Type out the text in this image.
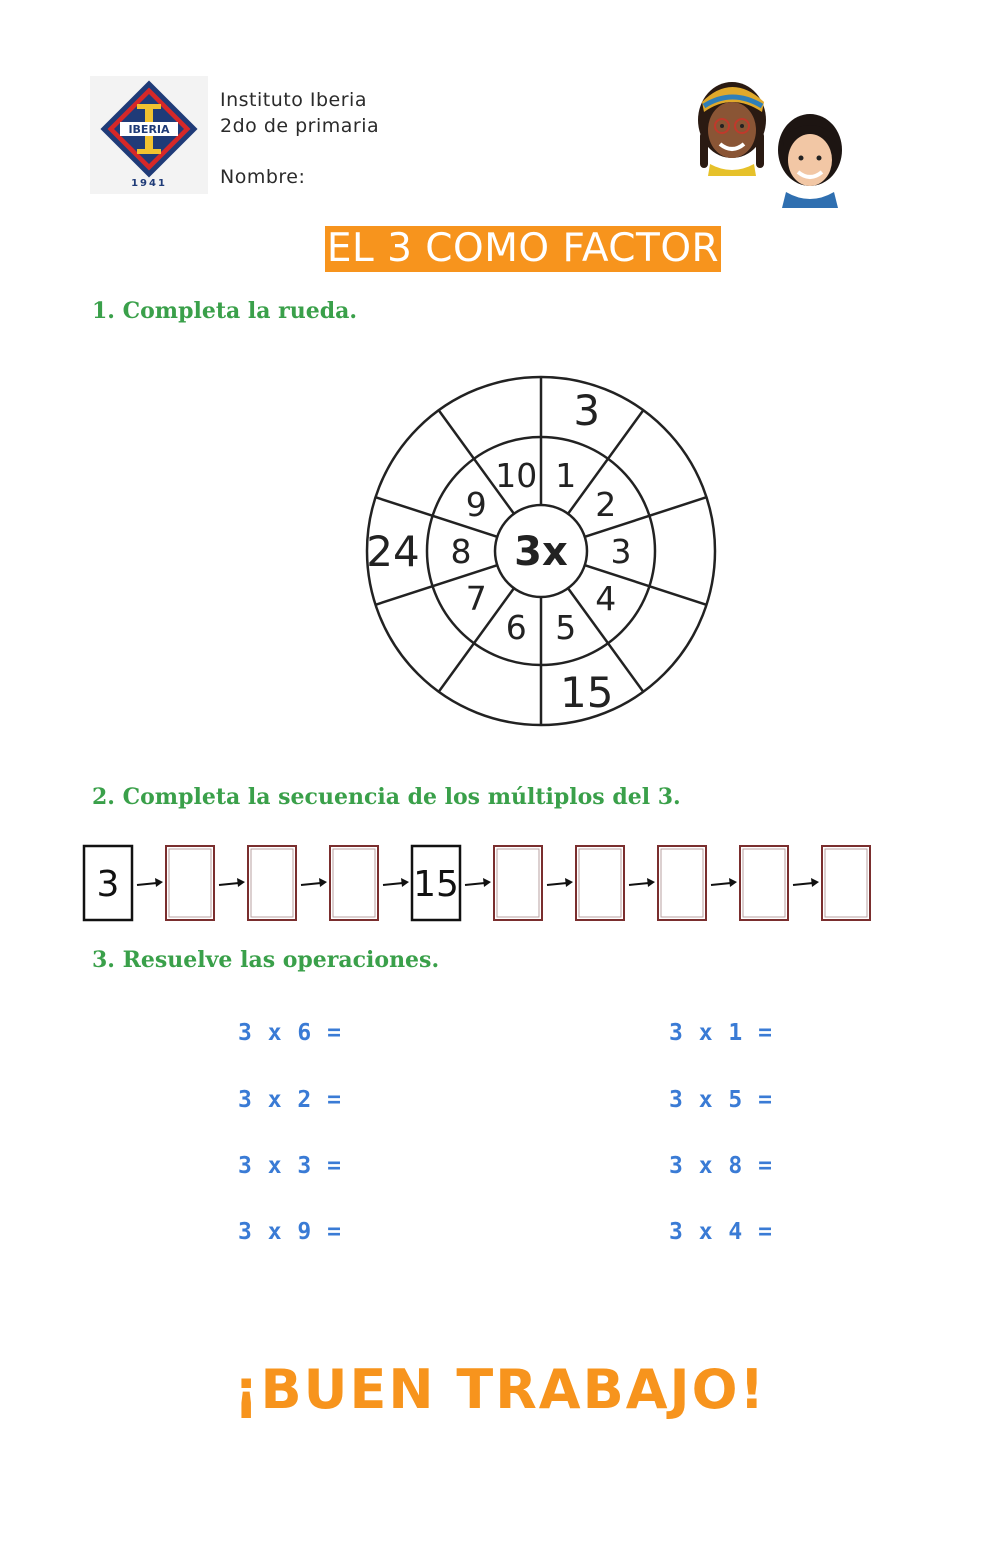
IBERIA
1941
Instituto Iberia
2do de primaria
Nombre:
EL 3 COMO FACTOR
1. Completa la rueda.
3x
1
2
3
4
5
6
7
8
9
10
3
15
24
2. Completa la secuencia de los múltiplos del 3.
3	15
3. Resuelve las operaciones.
3 x 6 =
3 x 2 =
3 x 3 =
3 x 9 =
3 x 1 =
3 x 5 =
3 x 8 =
3 x 4 =
¡BUEN TRABAJO!
